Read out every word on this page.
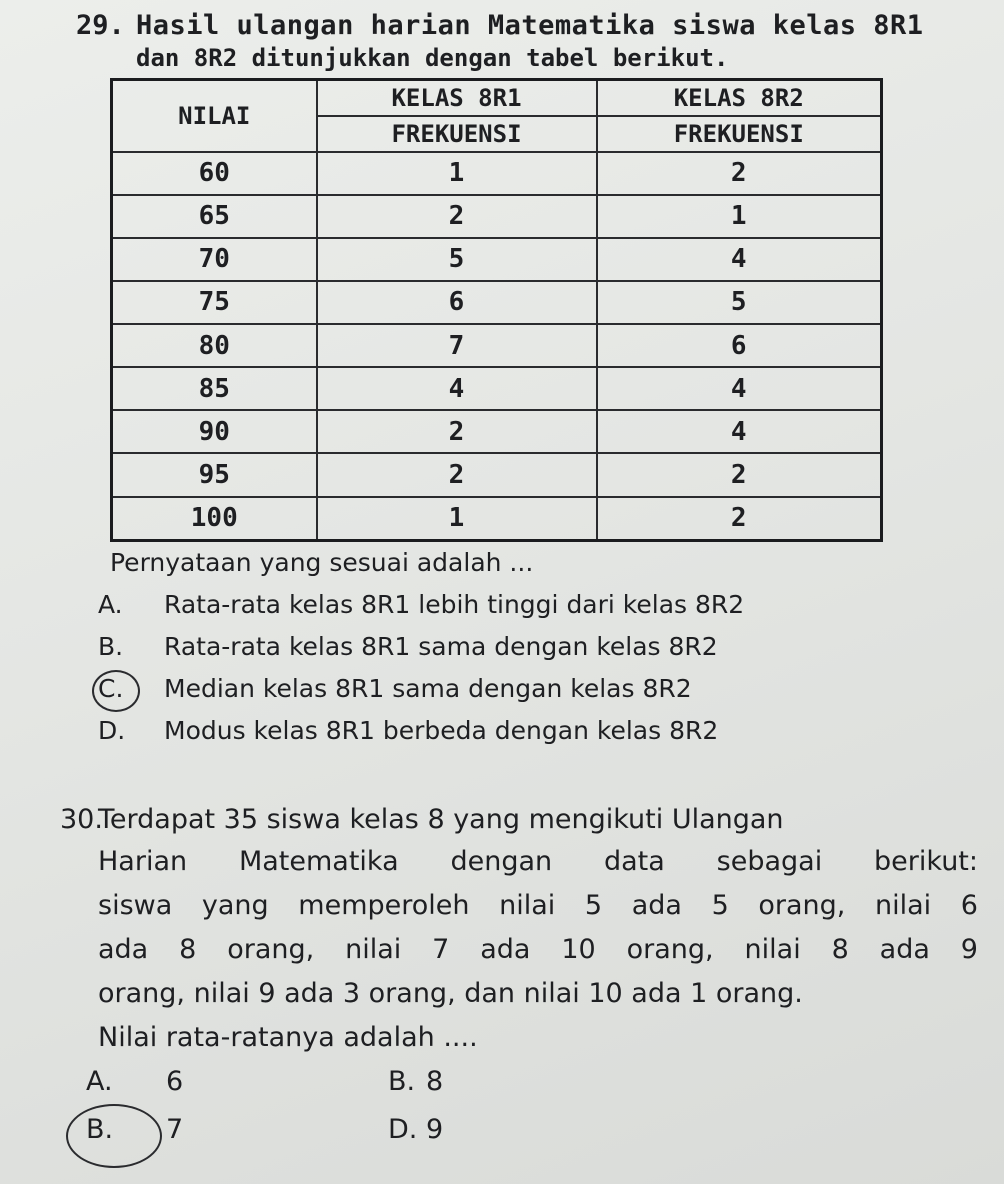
29. Hasil ulangan harian Matematika siswa kelas 8R1
dan 8R2 ditunjukkan dengan tabel berikut.
NILAI	KELAS 8R1	KELAS 8R2
	FREKUENSI	FREKUENSI
60	1	2
65	2	1
70	5	4
75	6	5
80	7	6
85	4	4
90	2	4
95	2	2
100	1	2
Pernyataan yang sesuai adalah ...
A. Rata-rata kelas 8R1 lebih tinggi dari kelas 8R2
B. Rata-rata kelas 8R1 sama dengan kelas 8R2
C. Median kelas 8R1 sama dengan kelas 8R2
D. Modus kelas 8R1 berbeda dengan kelas 8R2
30.
Terdapat 35 siswa kelas 8 yang mengikuti Ulangan
Harian Matematika dengan data sebagai berikut:
siswa yang memperoleh nilai 5 ada 5 orang, nilai 6
ada 8 orang, nilai 7 ada 10 orang, nilai 8 ada 9
orang, nilai 9 ada 3 orang, dan nilai 10 ada 1 orang.
Nilai rata-ratanya adalah ....
A. 6	B. 8
B. 7	D. 9
